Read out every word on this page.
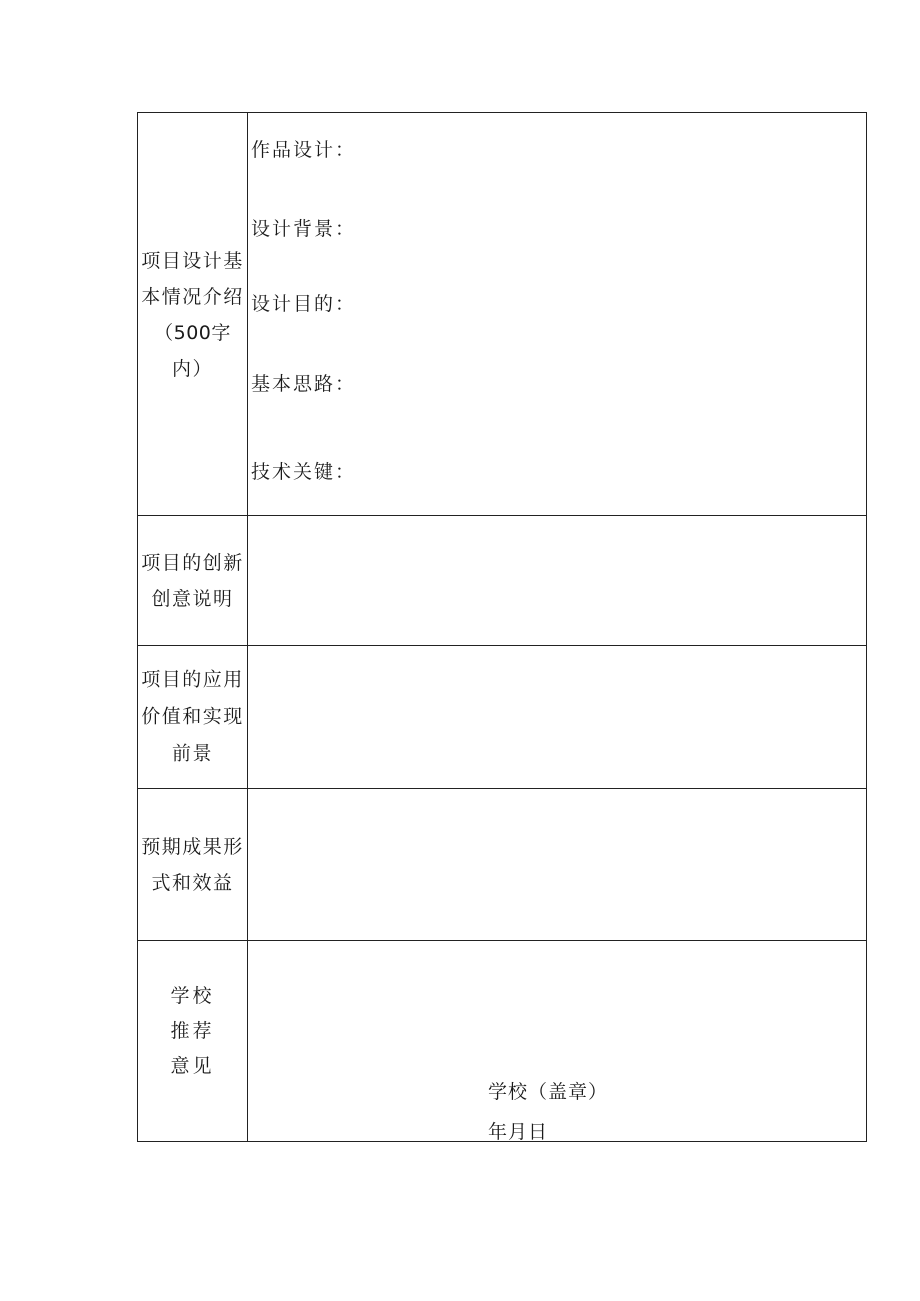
项目设计基
本情况介绍
（500字
内）	作品设计：
设计背景：
设计目的：
基本思路：
技术关键：

项目的创新
创意说明	

项目的应用
价值和实现
前景	

预期成果形
式和效益	

学校
推荐
意见	学校（盖章）
年月日
